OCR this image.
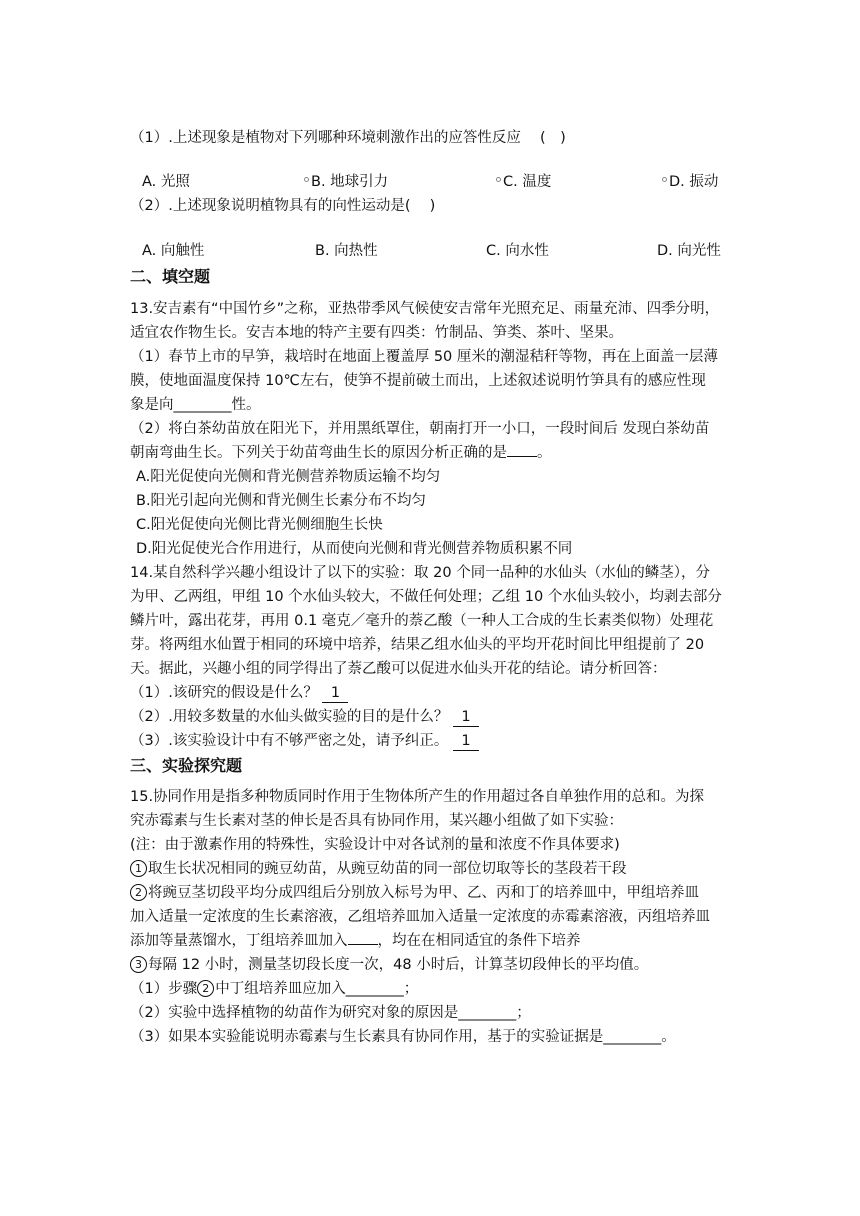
（1）.上述现象是植物对下列哪种环境刺激作出的应答性反应　 (　)
A. 光照	B. 地球引力	C. 温度	D. 振动
（2）.上述现象说明植物具有的向性运动是(　 )
A. 向触性	B. 向热性	C. 向水性	D. 向光性
二、填空题
13.安吉素有“中国竹乡”之称，亚热带季风气候使安吉常年光照充足、雨量充沛、四季分明，
适宜农作物生长。安吉本地的特产主要有四类：竹制品、笋类、茶叶、坚果。
（1）春节上市的早笋，栽培时在地面上覆盖厚 50 厘米的潮湿秸秆等物，再在上面盖一层薄
膜，使地面温度保持 10℃左右，使笋不提前破土而出，上述叙述说明竹笋具有的感应性现
象是向________性。
（2）将白茶幼苗放在阳光下，并用黑纸罩住，朝南打开一小口，一段时间后 发现白茶幼苗
朝南弯曲生长。下列关于幼苗弯曲生长的原因分析正确的是 。
A.阳光促使向光侧和背光侧营养物质运输不均匀
B.阳光引起向光侧和背光侧生长素分布不均匀
C.阳光促使向光侧比背光侧细胞生长快
D.阳光促使光合作用进行，从而使向光侧和背光侧营养物质积累不同
14.某自然科学兴趣小组设计了以下的实验：取 20 个同一品种的水仙头（水仙的鳞茎），分
为甲、乙两组，甲组 10 个水仙头较大，不做任何处理；乙组 10 个水仙头较小，均剥去部分
鳞片叶，露出花芽，再用 0.1 毫克／毫升的萘乙酸（一种人工合成的生长素类似物）处理花
芽。将两组水仙置于相同的环境中培养，结果乙组水仙头的平均开花时间比甲组提前了 20
天。据此，兴趣小组的同学得出了萘乙酸可以促进水仙头开花的结论。请分析回答：
（1）.该研究的假设是什么？ 1
（2）.用较多数量的水仙头做实验的目的是什么？ 1
（3）.该实验设计中有不够严密之处，请予纠正。 1
三、实验探究题
15.协同作用是指多种物质同时作用于生物体所产生的作用超过各自单独作用的总和。为探
究赤霉素与生长素对茎的伸长是否具有协同作用，某兴趣小组做了如下实验：
(注：由于激素作用的特殊性，实验设计中对各试剂的量和浓度不作具体要求)
1 取生长状况相同的豌豆幼苗，从豌豆幼苗的同一部位切取等长的茎段若干段
2 将豌豆茎切段平均分成四组后分别放入标号为甲、乙、丙和丁的培养皿中，甲组培养皿
加入适量一定浓度的生长素溶液，乙组培养皿加入适量一定浓度的赤霉素溶液，丙组培养皿
添加等量蒸馏水，丁组培养皿加入 ，均在在相同适宜的条件下培养
3 每隔 12 小时，测量茎切段长度一次，48 小时后，计算茎切段伸长的平均值。
（1）步骤 2 中丁组培养皿应加入________；
（2）实验中选择植物的幼苗作为研究对象的原因是________；
（3）如果本实验能说明赤霉素与生长素具有协同作用，基于的实验证据是________。
